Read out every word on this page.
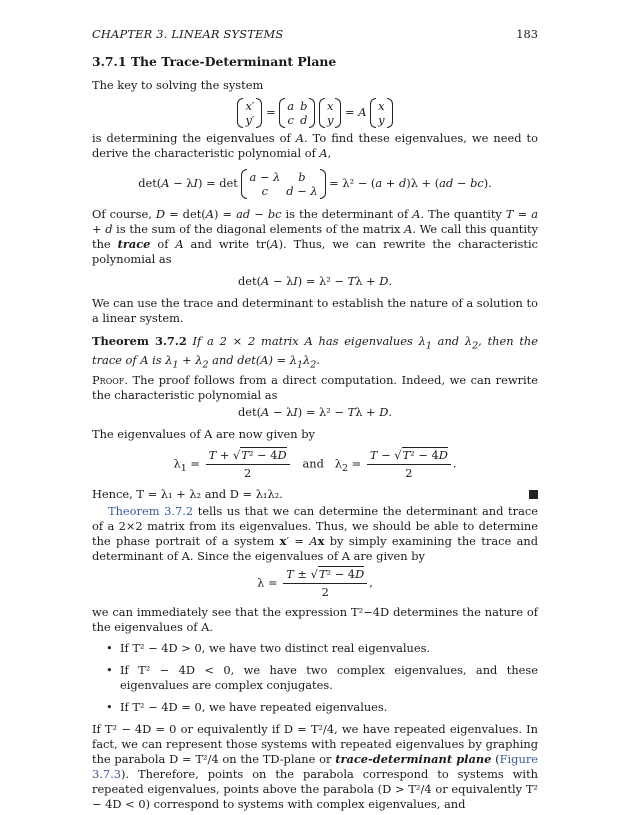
CHAPTER 3. LINEAR SYSTEMS	183
3.7.1 The Trace-Determinant Plane

The key to solving the system

x′
y′
= a	b
c	d

x
y
= A x
y

is determining the eigenvalues of A. To find these eigenvalues, we need to derive the characteristic polynomial of A,

det(A − λI) = det a − λ	b
c	d − λ
= λ² − (a + d)λ + (ad − bc).

Of course, D = det(A) = ad − bc is the determinant of A. The quantity T = a + d is the sum of the diagonal elements of the matrix A. We call this quantity the trace of A and write tr(A). Thus, we can rewrite the characteristic polynomial as

det(A − λI) = λ² − Tλ + D.

We can use the trace and determinant to establish the nature of a solution to a linear system.

Theorem 3.7.2 If a 2 × 2 matrix A has eigenvalues $\lambda_1$ and $\lambda_2$, then the trace of A is $\lambda_1 + \lambda_2$ and $\det(A) = \lambda_1\lambda_2$.

Proof. The proof follows from a direct computation. Indeed, we can rewrite the characteristic polynomial as

det(A − λI) = λ² − Tλ + D.

The eigenvalues of A are now given by

$\lambda_1 = \frac{\text{T + √T² − 4D}}{2}$ and   $\lambda_2 = \frac{\text{T − √T² − 4D}}{2}$ .

Hence, T = λ₁ + λ₂ and D = λ₁λ₂.

Theorem 3.7.2 tells us that we can determine the determinant and trace of a 2×2 matrix from its eigenvalues. Thus, we should be able to determine the phase portrait of a system x′ = Ax by simply examining the trace and determinant of A. Since the eigenvalues of A are given by

$\lambda = \frac{\text{T ± √T² − 4D}}{2}$ ,

we can immediately see that the expression T²−4D determines the nature of the eigenvalues of A.

• If T² − 4D > 0, we have two distinct real eigenvalues.
• If T² − 4D < 0, we have two complex eigenvalues, and these eigenvalues are complex conjugates.
• If T² − 4D = 0, we have repeated eigenvalues.

If T² − 4D = 0 or equivalently if D = T²/4, we have repeated eigenvalues. In fact, we can represent those systems with repeated eigenvalues by graphing the parabola D = T²/4 on the TD-plane or trace-determinant plane (Figure 3.7.3). Therefore, points on the parabola correspond to systems with repeated eigenvalues, points above the parabola (D > T²/4 or equivalently T² − 4D < 0) correspond to systems with complex eigenvalues, and
